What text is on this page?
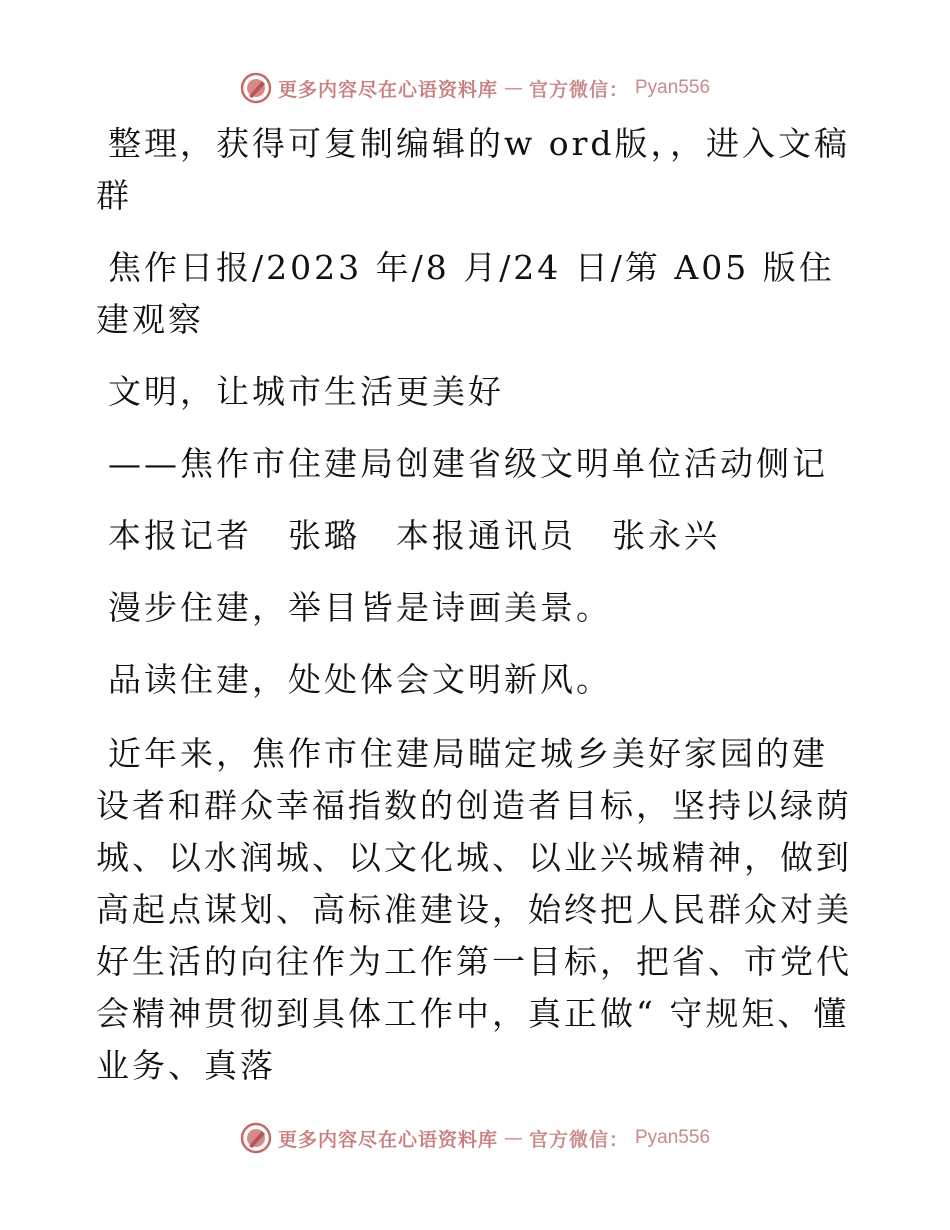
更多内容尽在心语资料库 — 官方微信： Pyan556

整理，获得可复制编辑的w ord版，，进入文稿群

焦作日报/2023 年/8 月/24 日/第 A05 版住建观察

文明，让城市生活更美好

——焦作市住建局创建省级文明单位活动侧记

本报记者　张璐　本报通讯员　张永兴

漫步住建，举目皆是诗画美景。

品读住建，处处体会文明新风。

近年来，焦作市住建局瞄定城乡美好家园的建设者和群众幸福指数的创造者目标，坚持以绿荫城、以水润城、以文化城、以业兴城精神，做到高起点谋划、高标准建设，始终把人民群众对美好生活的向往作为工作第一目标，把省、市党代会精神贯彻到具体工作中，真正做“ 守规矩、懂业务、真落

更多内容尽在心语资料库 — 官方微信： Pyan556
